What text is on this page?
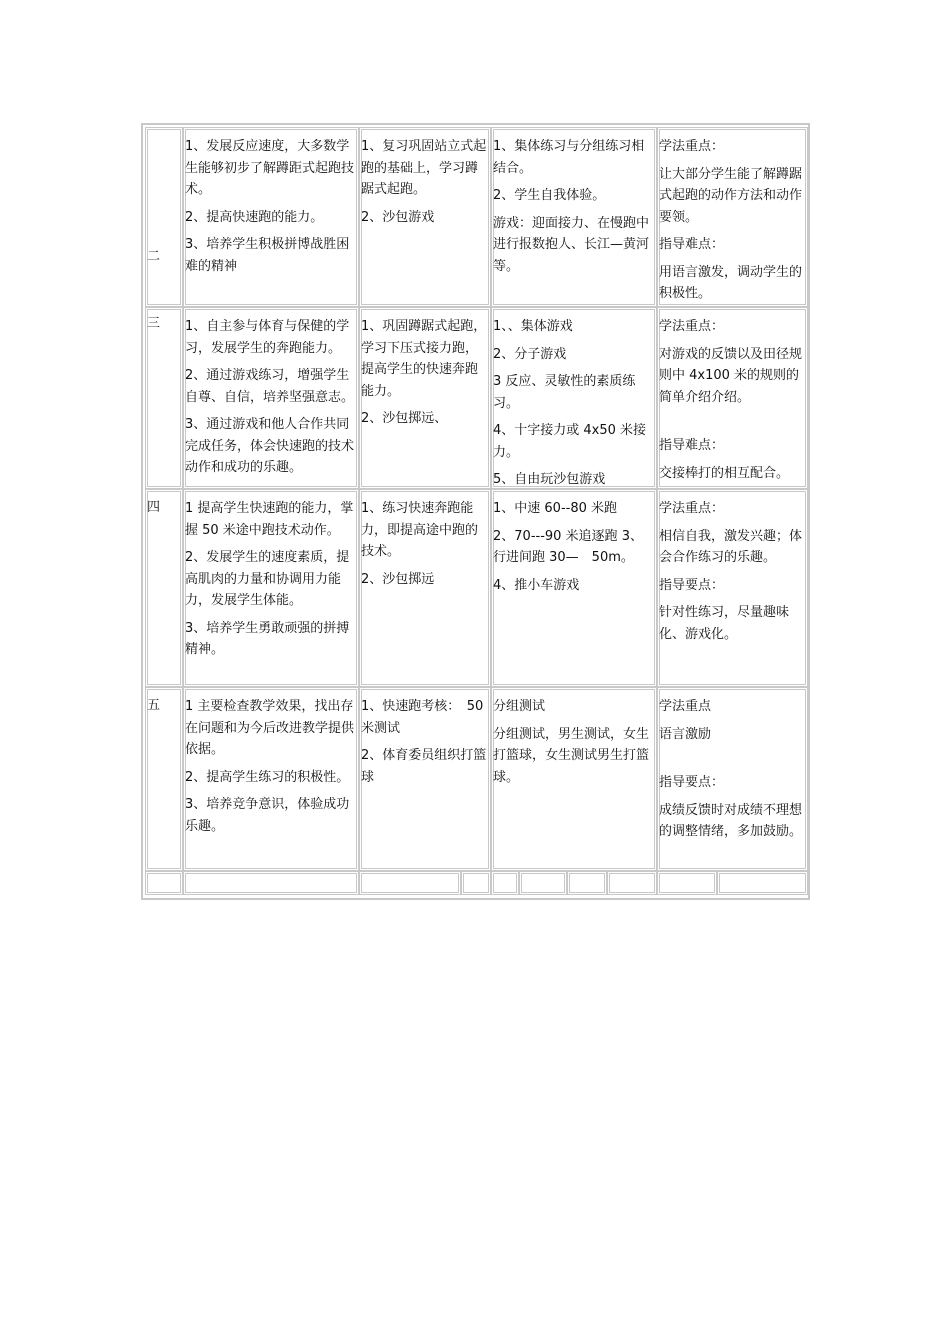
二

1、发展反应速度，大多数学生能够初步了解蹲距式起跑技术。

2、提高快速跑的能力。

3、培养学生积极拼博战胜困难的精神

1、复习巩固站立式起跑的基础上，学习蹲踞式起跑。

2、沙包游戏

1、集体练习与分组练习相结合。

2、学生自我体验。

游戏：迎面接力、在慢跑中进行报数抱人、长江—黄河等。

学法重点：

让大部分学生能了解蹲踞式起跑的动作方法和动作要领。

指导难点：

用语言激发，调动学生的积极性。

三 1、自主参与体育与保健的学习，发展学生的奔跑能力。

2、通过游戏练习，增强学生自尊、自信，培养坚强意志。

3、通过游戏和他人合作共同完成任务，体会快速跑的技术动作和成功的乐趣。

1、巩固蹲踞式起跑，学习下压式接力跑，提高学生的快速奔跑能力。

2、沙包掷远、

1、、集体游戏

2、分子游戏

3 反应、灵敏性的素质练习。

4、十字接力或 4x50 米接力。

5、自由玩沙包游戏

学法重点：

对游戏的反馈以及田径规则中 4x100 米的规则的简单介绍介绍。

指导难点：

交接棒打的相互配合。

四 1 提高学生快速跑的能力，掌握 50 米途中跑技术动作。

2、发展学生的速度素质，提高肌肉的力量和协调用力能力，发展学生体能。

3、培养学生勇敢顽强的拼搏精神。

1、练习快速奔跑能力，即提高途中跑的技术。

2、沙包掷远

1、中速 60--80 米跑

2、70---90 米追逐跑 3、行进间跑 30—　50m。

4、推小车游戏

学法重点：

相信自我，激发兴趣；体会合作练习的乐趣。

指导要点：

针对性练习，尽量趣味化、游戏化。

五 1 主要检查教学效果，找出存在问题和为今后改进教学提供依据。

2、提高学生练习的积极性。

3、培养竞争意识，体验成功乐趣。

1、快速跑考核：　50 米测试

2、体育委员组织打篮球

分组测试

分组测试，男生测试，女生打篮球，女生测试男生打篮球。

学法重点

语言激励

指导要点：

成绩反馈时对成绩不理想的调整情绪，多加鼓励。
